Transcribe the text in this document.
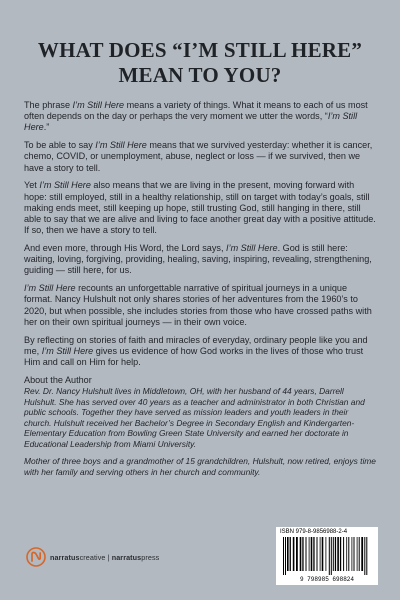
WHAT DOES “I’M STILL HERE” MEAN TO YOU?

The phrase I’m Still Here means a variety of things. What it means to each of us most often depends on the day or perhaps the very moment we utter the words, “I’m Still Here.”

To be able to say I’m Still Here means that we survived yesterday: whether it is cancer, chemo, COVID, or unemployment, abuse, neglect or loss — if we survived, then we have a story to tell.

Yet I’m Still Here also means that we are living in the present, moving forward with hope: still employed, still in a healthy relationship, still on target with today’s goals, still making ends meet, still keeping up hope, still trusting God, still hanging in there, still able to say that we are alive and living to face another great day with a positive attitude. If so, then we have a story to tell.

And even more, through His Word, the Lord says, I’m Still Here. God is still here: waiting, loving, forgiving, providing, healing, saving, inspiring, revealing, strengthening, guiding — still here, for us.

I’m Still Here recounts an unforgettable narrative of spiritual journeys in a unique format. Nancy Hulshult not only shares stories of her adventures from the 1960’s to 2020, but when possible, she includes stories from those who have crossed paths with her on their own spiritual journeys — in their own voice.

By reflecting on stories of faith and miracles of everyday, ordinary people like you and me, I’m Still Here gives us evidence of how God works in the lives of those who trust Him and call on Him for help.

About the Author

Rev. Dr. Nancy Hulshult lives in Middletown, OH, with her husband of 44 years, Darrell Hulshult. She has served over 40 years as a teacher and administrator in both Christian and public schools. Together they have served as mission leaders and youth leaders in their church. Hulshult received her Bachelor’s Degree in Secondary English and Kindergarten-Elementary Education from Bowling Green State University and earned her doctorate in Educational Leadership from Miami University.

Mother of three boys and a grandmother of 15 grandchildren, Hulshult, now retired, enjoys time with her family and serving others in her church and community.

narratuscreative | narratuspress
ISBN 979-8-9856988-2-4
9 798985 698824
